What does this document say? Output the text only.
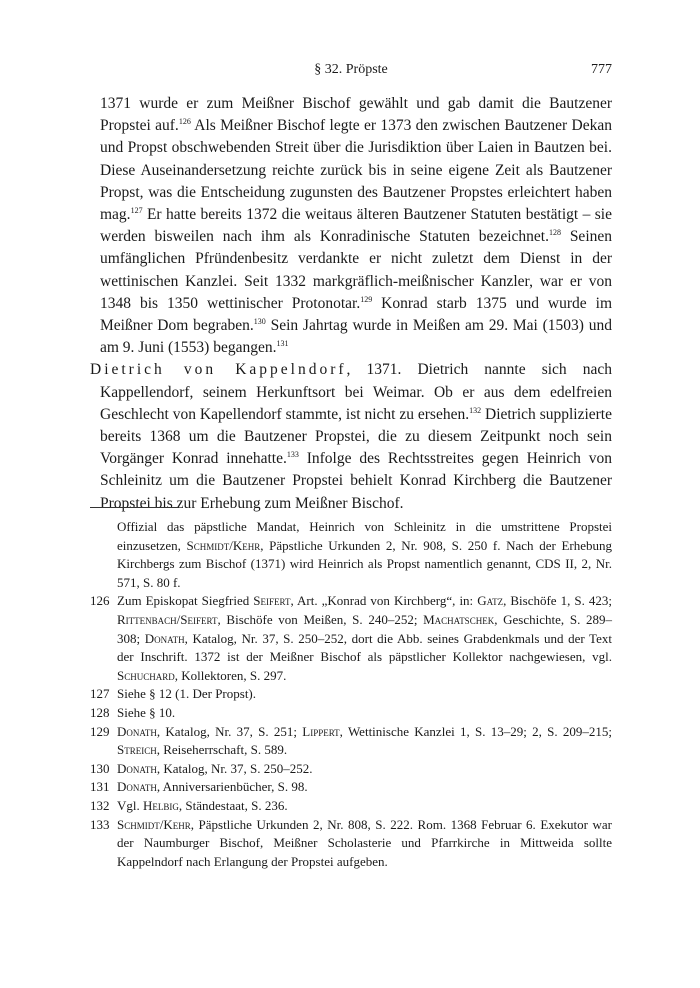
§ 32. Pröpste	777

1371 wurde er zum Meißner Bischof gewählt und gab damit die Bautzener Propstei auf.$^{126}$ Als Meißner Bischof legte er 1373 den zwischen Bautzener Dekan und Propst obschwebenden Streit über die Jurisdiktion über Laien in Bautzen bei. Diese Auseinandersetzung reichte zurück bis in seine eigene Zeit als Bautzener Propst, was die Entscheidung zugunsten des Bautzener Propstes erleichtert haben mag.$^{127}$ Er hatte bereits 1372 die weitaus älteren Bautzener Statuten bestätigt – sie werden bisweilen nach ihm als Konradinische Statuten bezeichnet.$^{128}$ Seinen umfänglichen Pfründenbesitz verdankte er nicht zuletzt dem Dienst in der wettinischen Kanzlei. Seit 1332 markgräflich-meißnischer Kanzler, war er von 1348 bis 1350 wettinischer Protonotar.$^{129}$ Konrad starb 1375 und wurde im Meißner Dom begraben.$^{130}$ Sein Jahrtag wurde in Meißen am 29. Mai (1503) und am 9. Juni (1553) begangen.$^{131}$

Dietrich von Kappelndorf, 1371. Dietrich nannte sich nach Kappellendorf, seinem Herkunftsort bei Weimar. Ob er aus dem edelfreien Geschlecht von Kapellendorf stammte, ist nicht zu ersehen.$^{132}$ Dietrich supplizierte bereits 1368 um die Bautzener Propstei, die zu diesem Zeitpunkt noch sein Vorgänger Konrad innehatte.$^{133}$ Infolge des Rechtsstreites gegen Heinrich von Schleinitz um die Bautzener Propstei behielt Konrad Kirchberg die Bautzener Propstei bis zur Erhebung zum Meißner Bischof.

Offizial das päpstliche Mandat, Heinrich von Schleinitz in die umstrittene Propstei einzusetzen, Schmidt/Kehr, Päpstliche Urkunden 2, Nr. 908, S. 250 f. Nach der Erhebung Kirchbergs zum Bischof (1371) wird Heinrich als Propst namentlich genannt, CDS II, 2, Nr. 571, S. 80 f.
126 Zum Episkopat Siegfried Seifert, Art. „Konrad von Kirchberg“, in: Gatz, Bischöfe 1, S. 423; Rittenbach/Seifert, Bischöfe von Meißen, S. 240–252; Machatschek, Geschichte, S. 289–308; Donath, Katalog, Nr. 37, S. 250–252, dort die Abb. seines Grabdenkmals und der Text der Inschrift. 1372 ist der Meißner Bischof als päpstlicher Kollektor nachgewiesen, vgl. Schuchard, Kollektoren, S. 297.
127 Siehe § 12 (1. Der Propst).
128 Siehe § 10.
129 Donath, Katalog, Nr. 37, S. 251; Lippert, Wettinische Kanzlei 1, S. 13–29; 2, S. 209–215; Streich, Reiseherrschaft, S. 589.
130 Donath, Katalog, Nr. 37, S. 250–252.
131 Donath, Anniversarienbücher, S. 98.
132 Vgl. Helbig, Ständestaat, S. 236.
133 Schmidt/Kehr, Päpstliche Urkunden 2, Nr. 808, S. 222. Rom. 1368 Februar 6. Exekutor war der Naumburger Bischof, Meißner Scholasterie und Pfarrkirche in Mittweida sollte Kappelndorf nach Erlangung der Propstei aufgeben.
